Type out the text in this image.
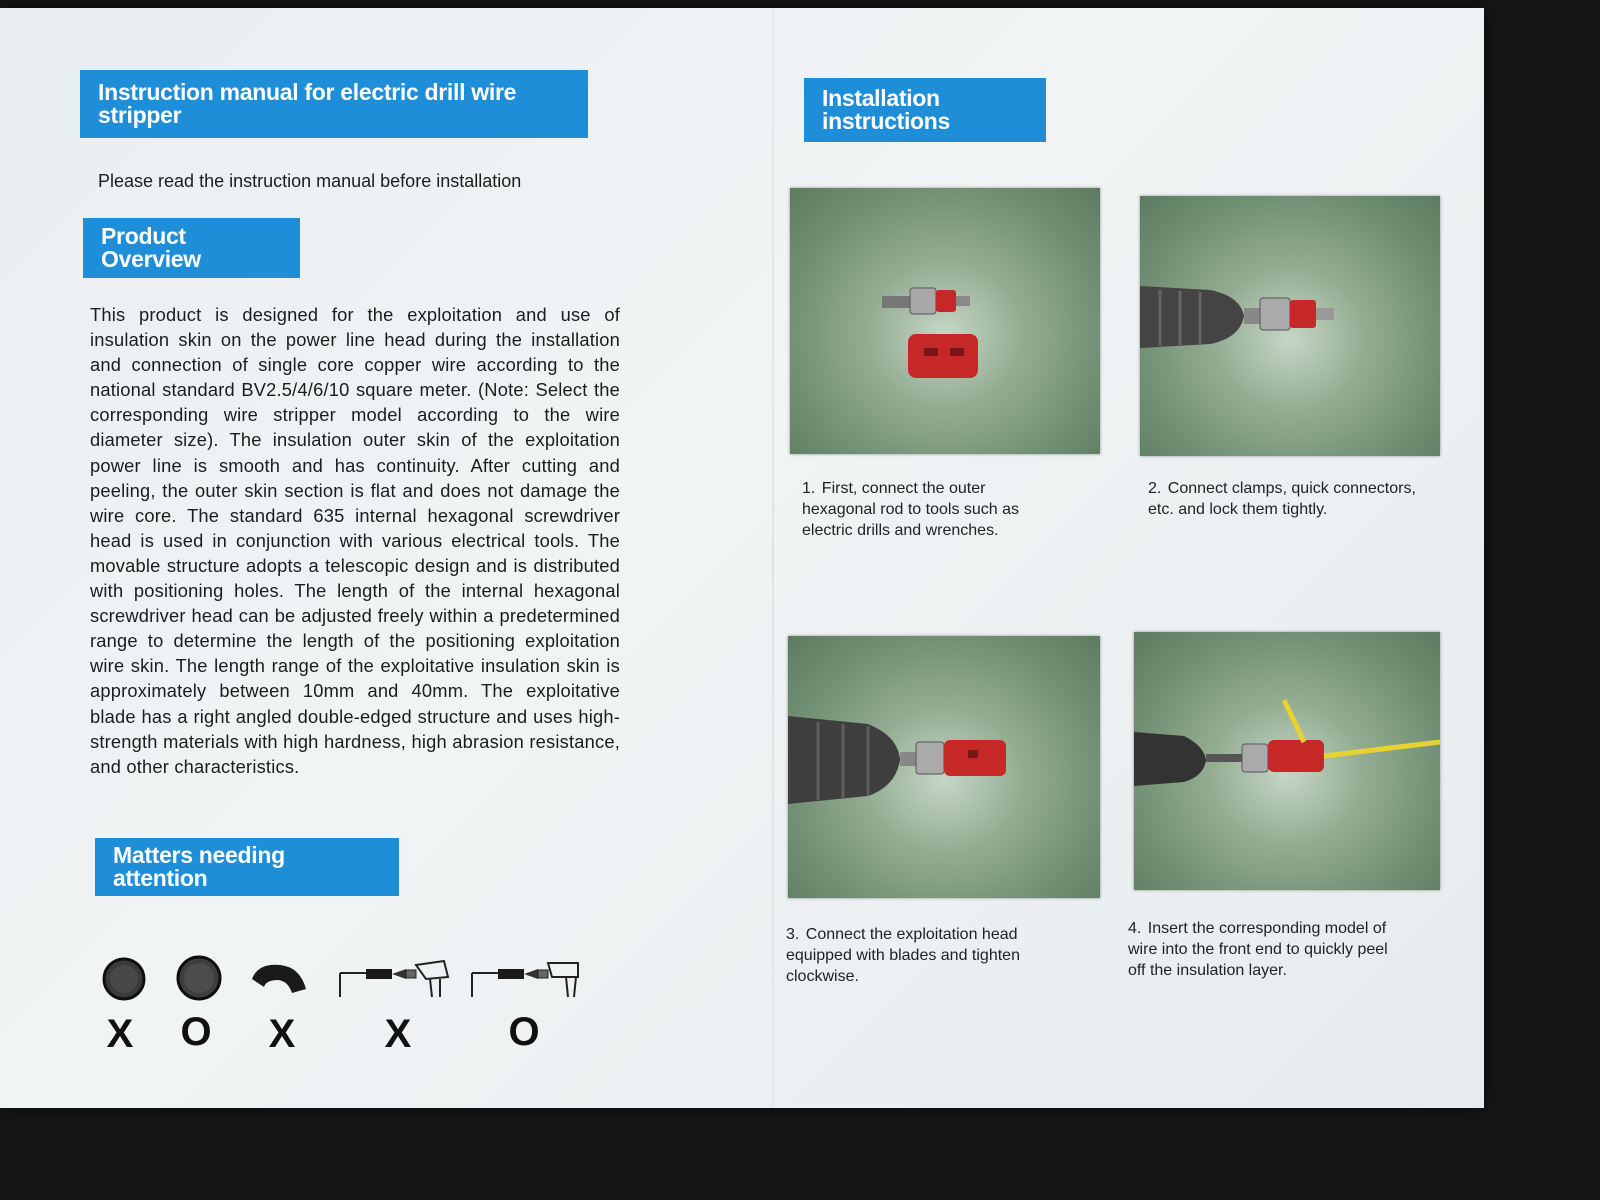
Instruction manual for electric drill wire stripper
Please read the instruction manual before installation
Product Overview
This product is designed for the exploitation and use of insulation skin on the power line head during the installation and connection of single core copper wire according to the national standard BV2.5/4/6/10 square meter. (Note: Select the corresponding wire stripper model according to the wire diameter size). The insulation outer skin of the exploitation power line is smooth and has continuity. After cutting and peeling, the outer skin section is flat and does not damage the wire core. The standard 635 internal hexagonal screwdriver head is used in conjunction with various electrical tools. The movable structure adopts a telescopic design and is distributed with positioning holes. The length of the internal hexagonal screwdriver head can be adjusted freely within a predetermined range to determine the length of the positioning exploitation wire skin. The length range of the exploitative insulation skin is approximately between 10mm and 40mm. The exploitative blade has a right angled double-edged structure and uses high-strength materials with high hardness, high abrasion resistance, and other characteristics.
Matters needing attention
X O X X O
Installation instructions
1. First, connect the outer hexagonal rod to tools such as electric drills and wrenches.
2. Connect clamps, quick connectors, etc. and lock them tightly.
3. Connect the exploitation head equipped with blades and tighten clockwise.
4. Insert the corresponding model of wire into the front end to quickly peel off the insulation layer.
